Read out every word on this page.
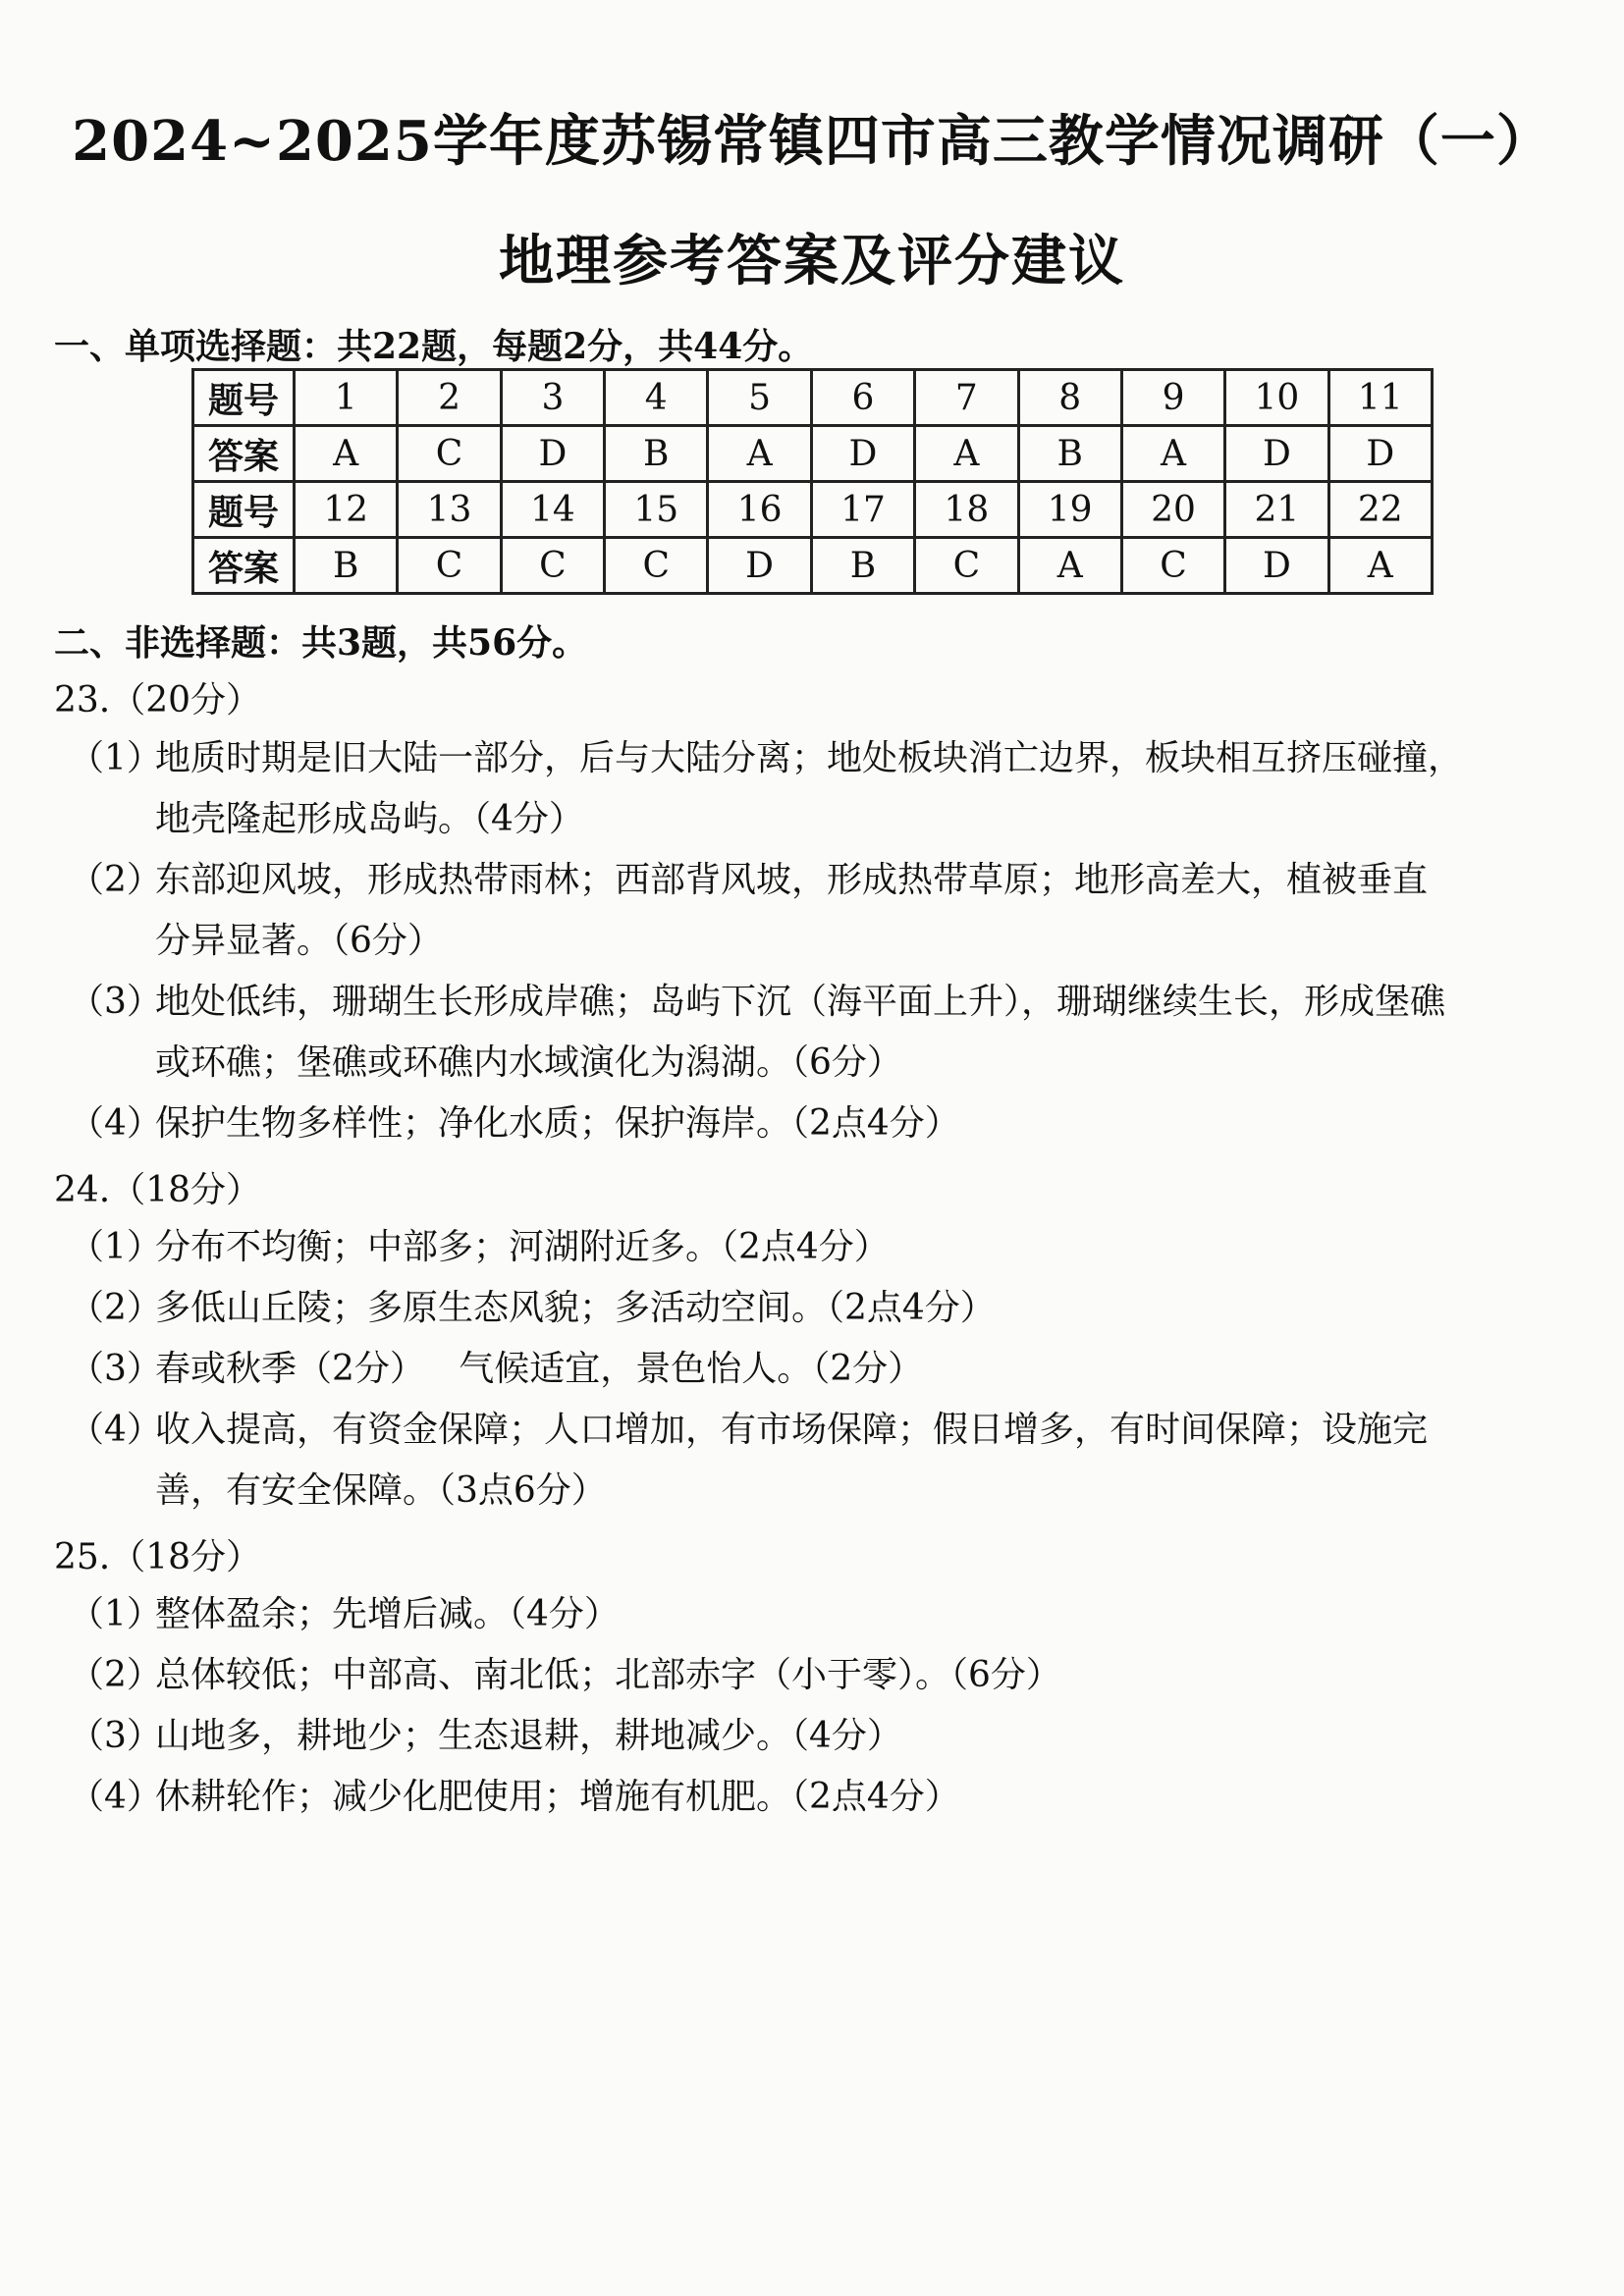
2024~2025学年度苏锡常镇四市高三教学情况调研（一）
地理参考答案及评分建议
一、单项选择题：共22题，每题2分，共44分。
题号	1	2	3	4	5	6	7	8	9	10	11
答案	A	C	D	B	A	D	A	B	A	D	D
题号	12	13	14	15	16	17	18	19	20	21	22
答案	B	C	C	C	D	B	C	A	C	D	A
二、非选择题：共3题，共56分。
23.（20分）
（1）地质时期是旧大陆一部分，后与大陆分离；地处板块消亡边界，板块相互挤压碰撞，
地壳隆起形成岛屿。（4分）
（2）东部迎风坡，形成热带雨林；西部背风坡，形成热带草原；地形高差大，植被垂直
分异显著。（6分）
（3）地处低纬，珊瑚生长形成岸礁；岛屿下沉（海平面上升），珊瑚继续生长，形成堡礁
或环礁；堡礁或环礁内水域演化为潟湖。（6分）
（4）保护生物多样性；净化水质；保护海岸。（2点4分）
24.（18分）
（1）分布不均衡；中部多；河湖附近多。（2点4分）
（2）多低山丘陵；多原生态风貌；多活动空间。（2点4分）
（3）春或秋季（2分）   气候适宜，景色怡人。（2分）
（4）收入提高，有资金保障；人口增加，有市场保障；假日增多，有时间保障；设施完
善，有安全保障。（3点6分）
25.（18分）
（1）整体盈余；先增后减。（4分）
（2）总体较低；中部高、南北低；北部赤字（小于零）。（6分）
（3）山地多，耕地少；生态退耕，耕地减少。（4分）
（4）休耕轮作；减少化肥使用；增施有机肥。（2点4分）
